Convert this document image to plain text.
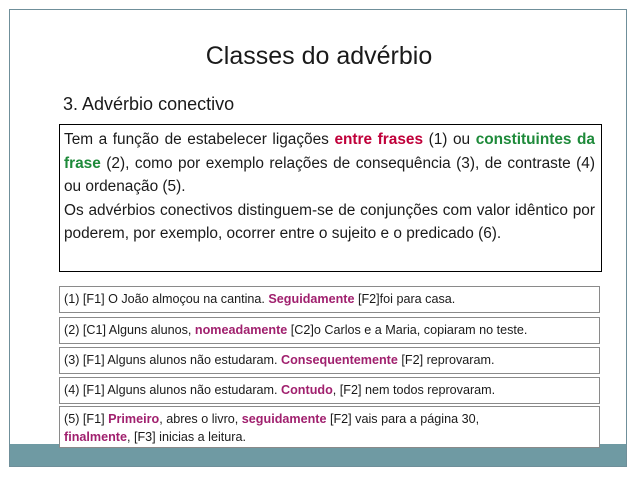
Classes do advérbio
3. Advérbio conectivo

Tem a função de estabelecer ligações entre frases (1) ou constituintes da frase (2), como por exemplo relações de consequência (3), de contraste (4) ou ordenação (5).

Os advérbios conectivos distinguem-se de conjunções com valor idêntico por poderem, por exemplo, ocorrer entre o sujeito e o predicado (6).

(1) [F1] O João almoçou na cantina. Seguidamente [F2]foi para casa.
(2) [C1] Alguns alunos, nomeadamente [C2]o Carlos e a Maria, copiaram no teste.
(3) [F1] Alguns alunos não estudaram. Consequentemente [F2] reprovaram.
(4) [F1] Alguns alunos não estudaram. Contudo, [F2] nem todos reprovaram.
(5) [F1] Primeiro, abres o livro, seguidamente [F2] vais para a página 30,
finalmente, [F3] inicias a leitura.
